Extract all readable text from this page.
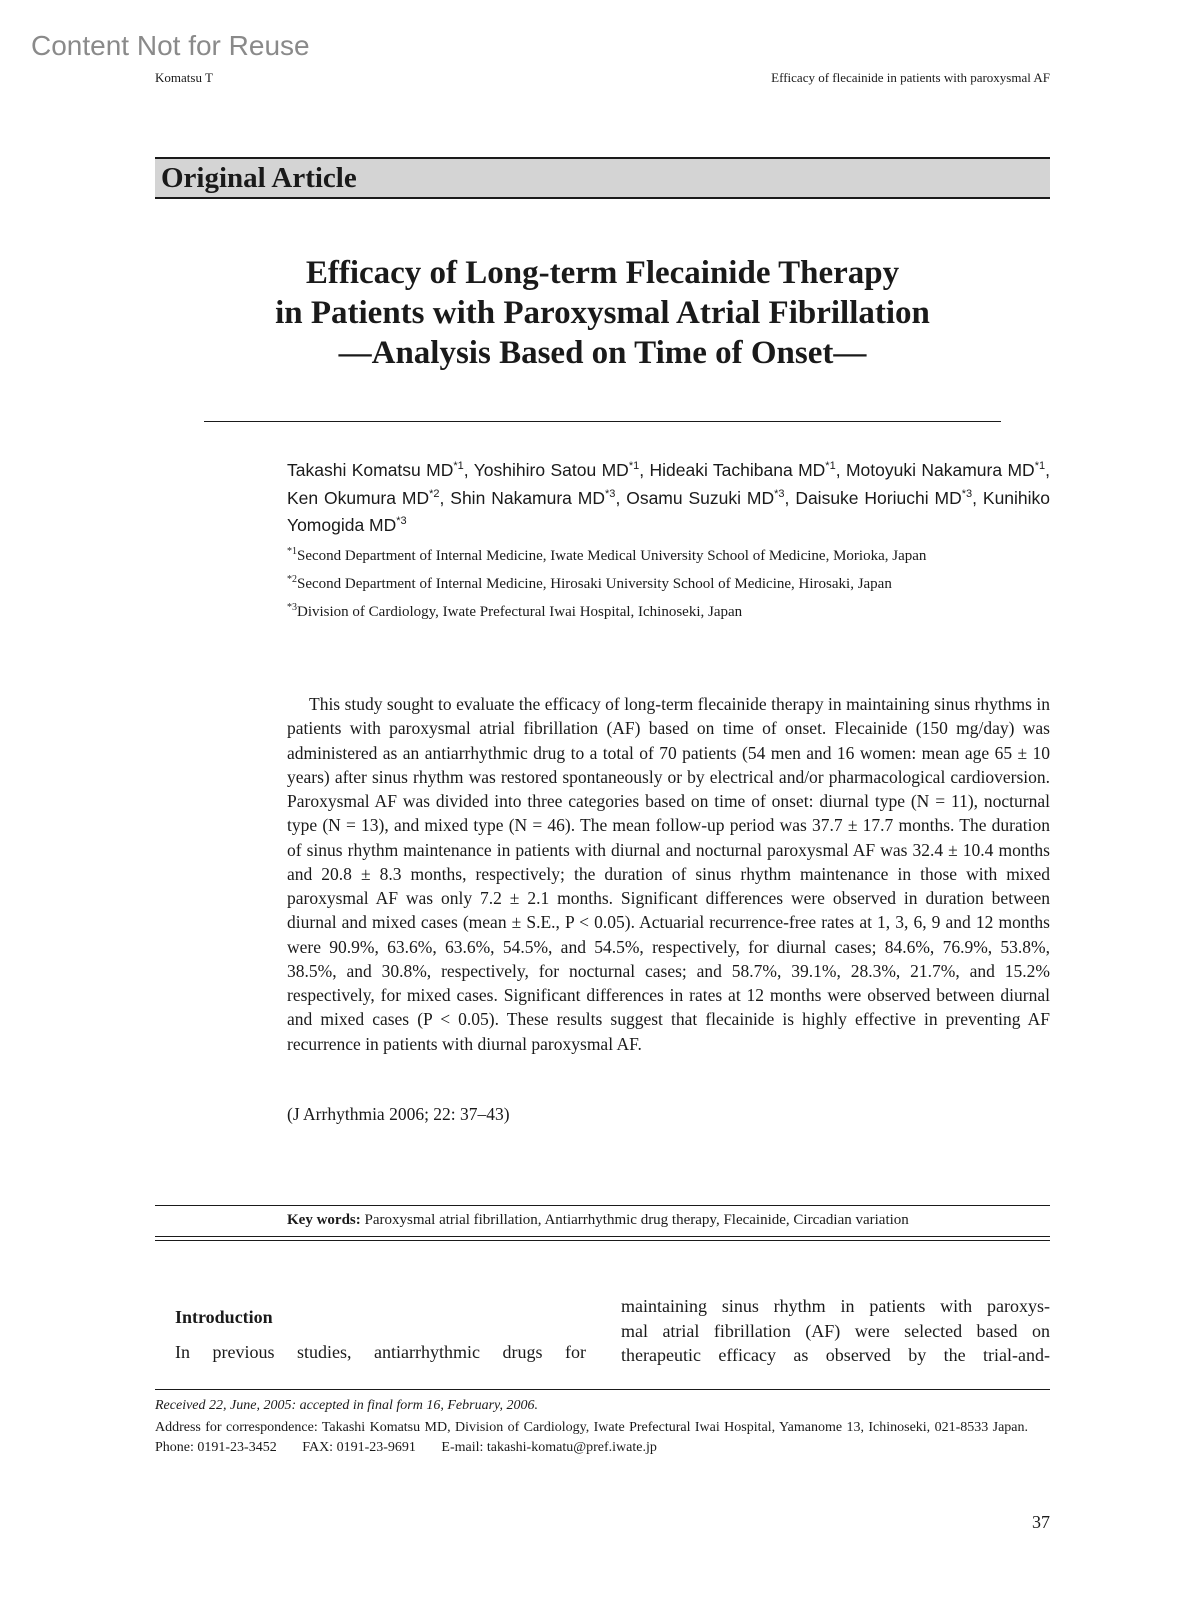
Content Not for Reuse
Komatsu T	Efficacy of flecainide in patients with paroxysmal AF
Original Article
Efficacy of Long-term Flecainide Therapy
in Patients with Paroxysmal Atrial Fibrillation
—Analysis Based on Time of Onset—
Takashi Komatsu MD$^{*1}$, Yoshihiro Satou MD$^{*1}$, Hideaki Tachibana MD$^{*1}$, Motoyuki Nakamura MD$^{*1}$, Ken Okumura MD$^{*2}$, Shin Nakamura MD$^{*3}$, Osamu Suzuki MD$^{*3}$, Daisuke Horiuchi MD$^{*3}$, Kunihiko Yomogida MD$^{*3}$
$^{*1}$Second Department of Internal Medicine, Iwate Medical University School of Medicine, Morioka, Japan
$^{*2}$Second Department of Internal Medicine, Hirosaki University School of Medicine, Hirosaki, Japan
$^{*3}$Division of Cardiology, Iwate Prefectural Iwai Hospital, Ichinoseki, Japan
This study sought to evaluate the efficacy of long-term flecainide therapy in maintaining sinus rhythms in patients with paroxysmal atrial fibrillation (AF) based on time of onset. Flecainide (150 mg/day) was administered as an antiarrhythmic drug to a total of 70 patients (54 men and 16 women: mean age 65 ± 10 years) after sinus rhythm was restored spontaneously or by electrical and/or pharmacological cardioversion. Paroxysmal AF was divided into three categories based on time of onset: diurnal type (N = 11), nocturnal type (N = 13), and mixed type (N = 46). The mean follow-up period was 37.7 ± 17.7 months. The duration of sinus rhythm maintenance in patients with diurnal and nocturnal paroxysmal AF was 32.4 ± 10.4 months and 20.8 ± 8.3 months, respectively; the duration of sinus rhythm maintenance in those with mixed paroxysmal AF was only 7.2 ± 2.1 months. Significant differences were observed in duration between diurnal and mixed cases (mean ± S.E., P < 0.05). Actuarial recurrence-free rates at 1, 3, 6, 9 and 12 months were 90.9%, 63.6%, 63.6%, 54.5%, and 54.5%, respectively, for diurnal cases; 84.6%, 76.9%, 53.8%, 38.5%, and 30.8%, respectively, for nocturnal cases; and 58.7%, 39.1%, 28.3%, 21.7%, and 15.2% respectively, for mixed cases. Significant differences in rates at 12 months were observed between diurnal and mixed cases (P < 0.05). These results suggest that flecainide is highly effective in preventing AF recurrence in patients with diurnal paroxysmal AF.
(J Arrhythmia 2006; 22: 37–43)
Key words: Paroxysmal atrial fibrillation, Antiarrhythmic drug therapy, Flecainide, Circadian variation
Introduction
In previous studies, antiarrhythmic drugs for
maintaining sinus rhythm in patients with paroxys-
mal atrial fibrillation (AF) were selected based on
therapeutic efficacy as observed by the trial-and-
Received 22, June, 2005: accepted in final form 16, February, 2006.
Address for correspondence: Takashi Komatsu MD, Division of Cardiology, Iwate Prefectural Iwai Hospital, Yamanome 13, Ichinoseki, 021-8533 Japan. Phone: 0191-23-3452 FAX: 0191-23-9691 E-mail: takashi-komatu@pref.iwate.jp
37
